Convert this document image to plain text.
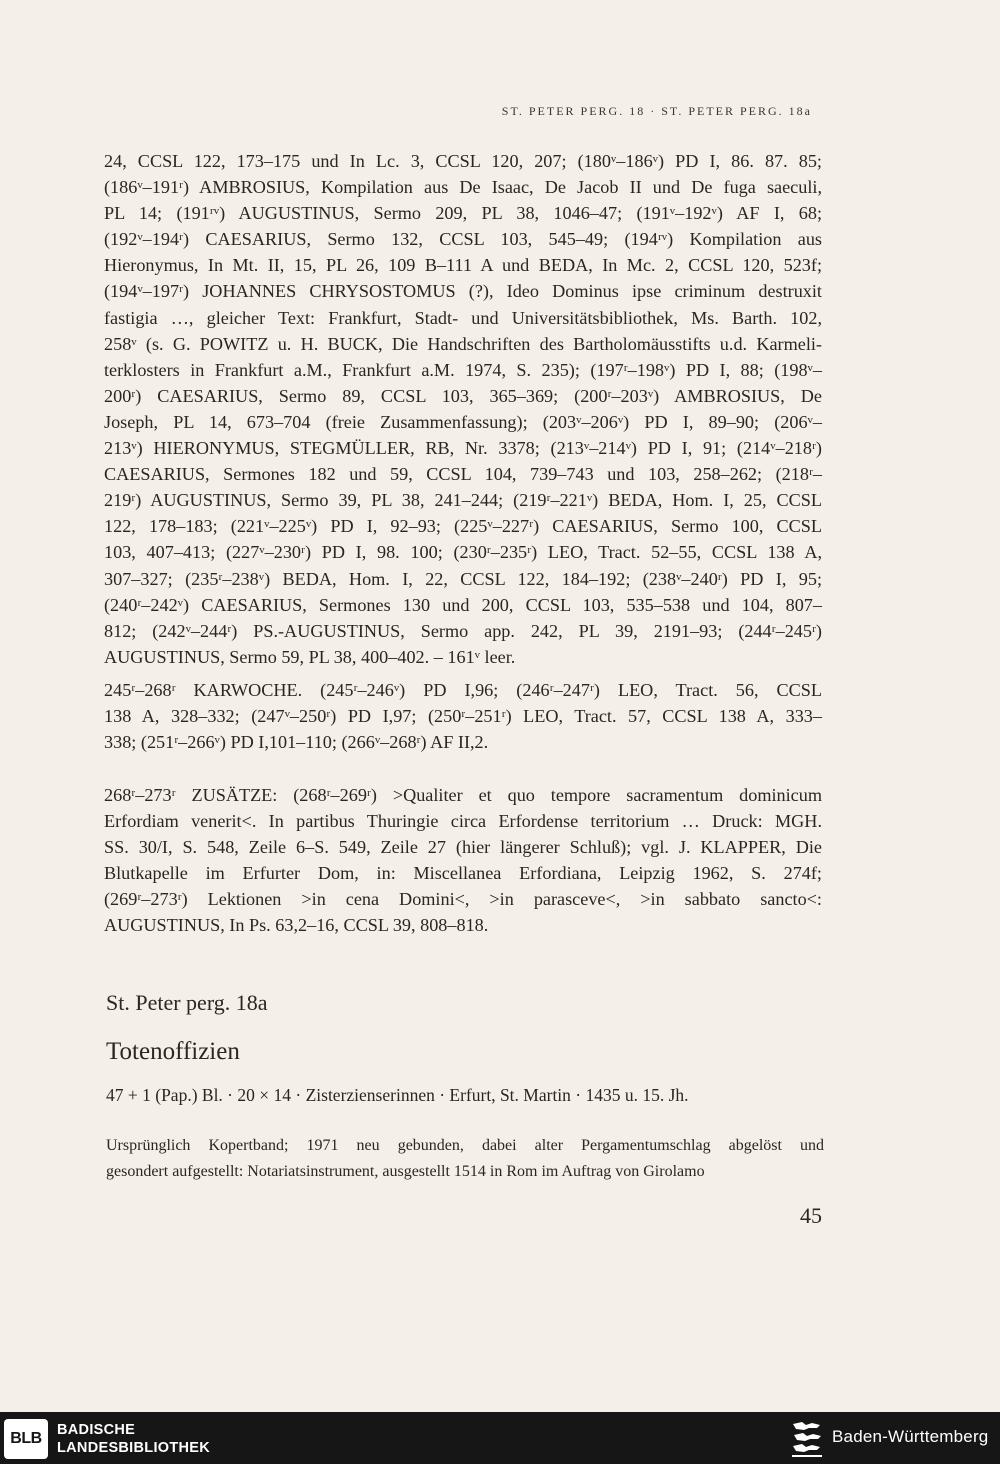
ST. PETER PERG. 18 · ST. PETER PERG. 18a
24, CCSL 122, 173–175 und In Lc. 3, CCSL 120, 207; (180ᵛ–186ᵛ) PD I, 86. 87. 85;
(186ᵛ–191ʳ) AMBROSIUS, Kompilation aus De Isaac, De Jacob II und De fuga saeculi,
PL 14; (191ʳᵛ) AUGUSTINUS, Sermo 209, PL 38, 1046–47; (191ᵛ–192ᵛ) AF I, 68;
(192ᵛ–194ʳ) CAESARIUS, Sermo 132, CCSL 103, 545–49; (194ʳᵛ) Kompilation aus
Hieronymus, In Mt. II, 15, PL 26, 109 B–111 A und BEDA, In Mc. 2, CCSL 120, 523f;
(194ᵛ–197ʳ) JOHANNES CHRYSOSTOMUS (?), Ideo Dominus ipse criminum destruxit
fastigia …, gleicher Text: Frankfurt, Stadt- und Universitätsbibliothek, Ms. Barth. 102,
258ᵛ (s. G. POWITZ u. H. BUCK, Die Handschriften des Bartholomäusstifts u.d. Karmeli-
terklosters in Frankfurt a.M., Frankfurt a.M. 1974, S. 235); (197ʳ–198ᵛ) PD I, 88; (198ᵛ–
200ʳ) CAESARIUS, Sermo 89, CCSL 103, 365–369; (200ʳ–203ᵛ) AMBROSIUS, De
Joseph, PL 14, 673–704 (freie Zusammenfassung); (203ᵛ–206ᵛ) PD I, 89–90; (206ᵛ–
213ᵛ) HIERONYMUS, STEGMÜLLER, RB, Nr. 3378; (213ᵛ–214ᵛ) PD I, 91; (214ᵛ–218ʳ)
CAESARIUS, Sermones 182 und 59, CCSL 104, 739–743 und 103, 258–262; (218ʳ–
219ʳ) AUGUSTINUS, Sermo 39, PL 38, 241–244; (219ʳ–221ᵛ) BEDA, Hom. I, 25, CCSL
122, 178–183; (221ᵛ–225ᵛ) PD I, 92–93; (225ᵛ–227ʳ) CAESARIUS, Sermo 100, CCSL
103, 407–413; (227ᵛ–230ʳ) PD I, 98. 100; (230ʳ–235ʳ) LEO, Tract. 52–55, CCSL 138 A,
307–327; (235ʳ–238ᵛ) BEDA, Hom. I, 22, CCSL 122, 184–192; (238ᵛ–240ʳ) PD I, 95;
(240ʳ–242ᵛ) CAESARIUS, Sermones 130 und 200, CCSL 103, 535–538 und 104, 807–
812; (242ᵛ–244ʳ) PS.-AUGUSTINUS, Sermo app. 242, PL 39, 2191–93; (244ʳ–245ʳ)
AUGUSTINUS, Sermo 59, PL 38, 400–402. – 161ᵛ leer.
245ʳ–268ʳ KARWOCHE. (245ʳ–246ᵛ) PD I,96; (246ʳ–247ʳ) LEO, Tract. 56, CCSL
138 A, 328–332; (247ᵛ–250ʳ) PD I,97; (250ʳ–251ʳ) LEO, Tract. 57, CCSL 138 A, 333–
338; (251ʳ–266ᵛ) PD I,101–110; (266ᵛ–268ʳ) AF II,2.
268ʳ–273ʳ ZUSÄTZE: (268ʳ–269ʳ) >Qualiter et quo tempore sacramentum dominicum
Erfordiam venerit<. In partibus Thuringie circa Erfordense territorium … Druck: MGH.
SS. 30/I, S. 548, Zeile 6–S. 549, Zeile 27 (hier längerer Schluß); vgl. J. KLAPPER, Die
Blutkapelle im Erfurter Dom, in: Miscellanea Erfordiana, Leipzig 1962, S. 274f;
(269ʳ–273ʳ) Lektionen >in cena Domini<, >in parasceve<, >in sabbato sancto<:
AUGUSTINUS, In Ps. 63,2–16, CCSL 39, 808–818.
St. Peter perg. 18a
Totenoffizien
47 + 1 (Pap.) Bl. · 20 × 14 · Zisterzienserinnen · Erfurt, St. Martin · 1435 u. 15. Jh.
Ursprünglich Kopertband; 1971 neu gebunden, dabei alter Pergamentumschlag abgelöst und
gesondert aufgestellt: Notariatsinstrument, ausgestellt 1514 in Rom im Auftrag von Girolamo
45
BLB BADISCHE
LANDESBIBLIOTHEK
Baden-Württemberg
